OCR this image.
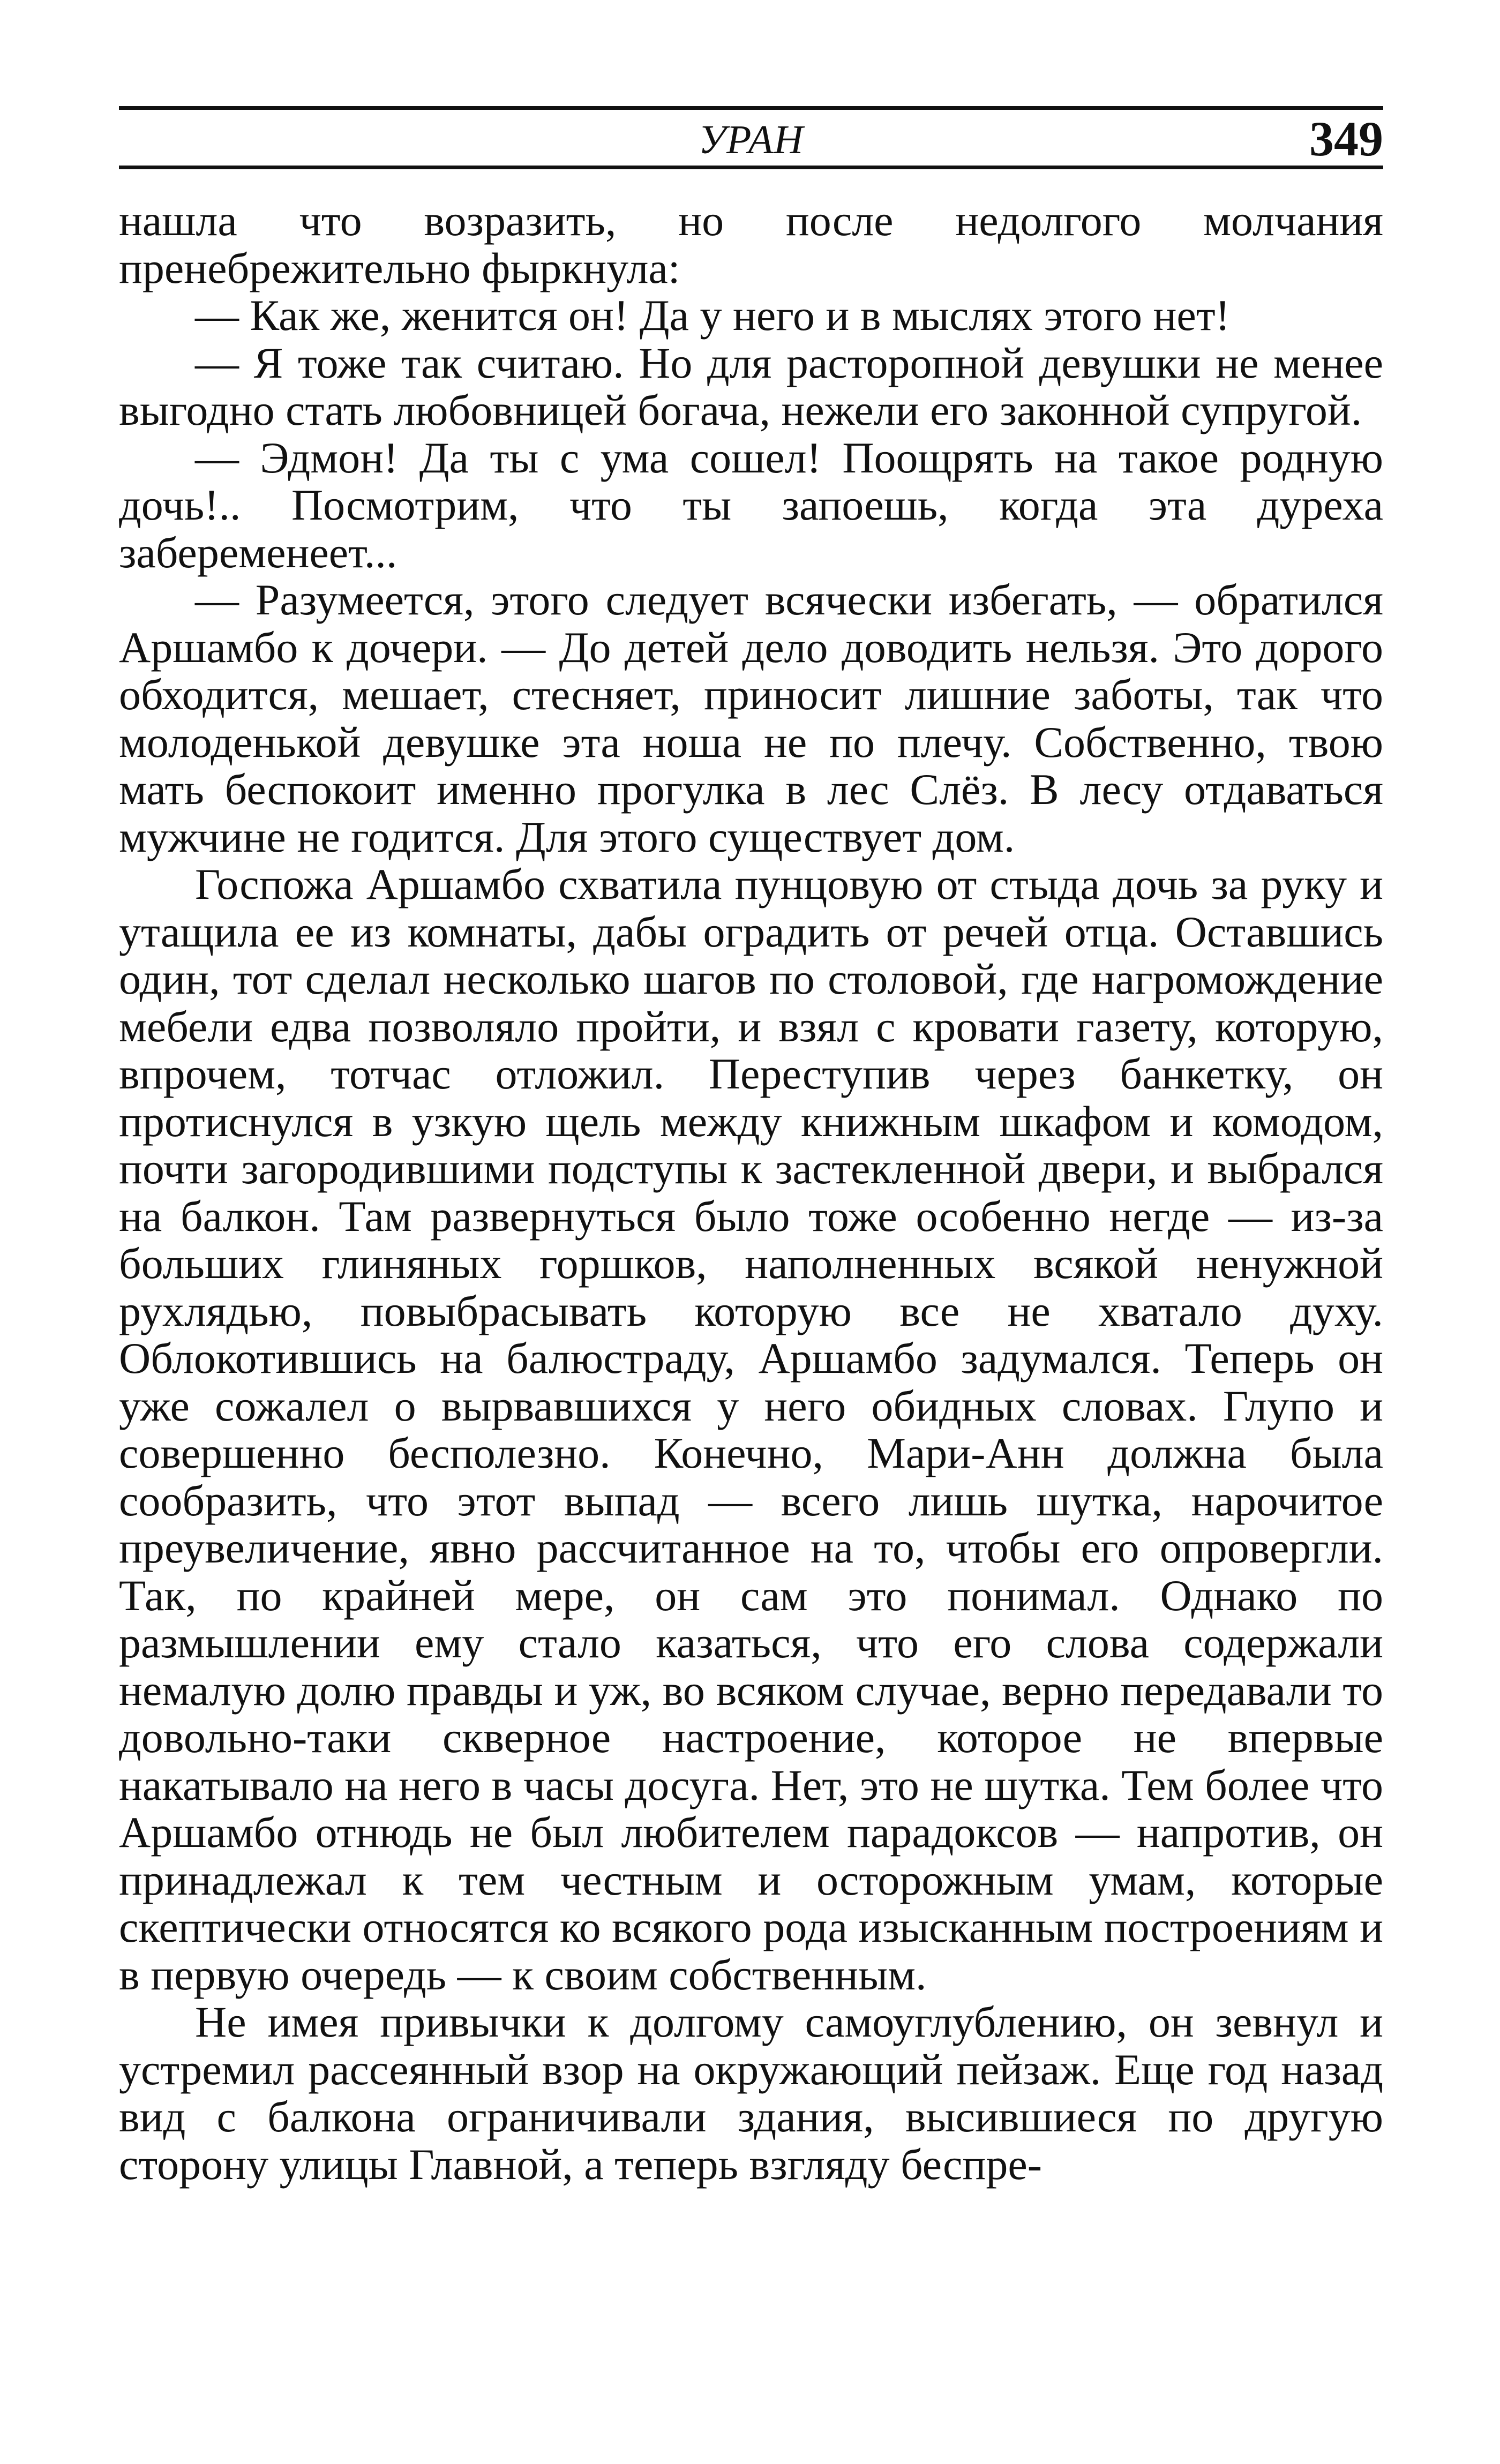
УРАН	349

нашла что возразить, но после недолгого молчания пренебрежительно фыркнула:

— Как же, женится он! Да у него и в мыслях этого нет!

— Я тоже так считаю. Но для расторопной девушки не менее выгодно стать любовницей богача, нежели его законной супругой.

— Эдмон! Да ты с ума сошел! Поощрять на такое родную дочь!.. Посмотрим, что ты запоешь, когда эта дуреха забеременеет...

— Разумеется, этого следует всячески избегать, — обратился Аршамбо к дочери. — До детей дело доводить нельзя. Это дорого обходится, мешает, стесняет, приносит лишние заботы, так что молоденькой девушке эта ноша не по плечу. Собственно, твою мать беспокоит именно прогулка в лес Слёз. В лесу отдаваться мужчине не годится. Для этого существует дом.

Госпожа Аршамбо схватила пунцовую от стыда дочь за руку и утащила ее из комнаты, дабы оградить от речей отца. Оставшись один, тот сделал несколько шагов по столовой, где нагромождение мебели едва позволяло пройти, и взял с кровати газету, которую, впрочем, тотчас отложил. Переступив через банкетку, он протиснулся в узкую щель между книжным шкафом и комодом, почти загородившими подступы к застекленной двери, и выбрался на балкон. Там развернуться было тоже особенно негде — из-за больших глиняных горшков, наполненных всякой ненужной рухлядью, повыбрасывать которую все не хватало духу. Облокотившись на балюстраду, Аршамбо задумался. Теперь он уже сожалел о вырвавшихся у него обидных словах. Глупо и совершенно бесполезно. Конечно, Мари-Анн должна была сообразить, что этот выпад — всего лишь шутка, нарочитое преувеличение, явно рассчитанное на то, чтобы его опровергли. Так, по крайней мере, он сам это понимал. Однако по размышлении ему стало казаться, что его слова содержали немалую долю правды и уж, во всяком случае, верно передавали то довольно-таки скверное настроение, которое не впервые накатывало на него в часы досуга. Нет, это не шутка. Тем более что Аршамбо отнюдь не был любителем парадоксов — напротив, он принадлежал к тем честным и осторожным умам, которые скептически относятся ко всякого рода изысканным построениям и в первую очередь — к своим собственным.

Не имея привычки к долгому самоуглублению, он зевнул и устремил рассеянный взор на окружающий пейзаж. Еще год назад вид с балкона ограничивали здания, высившиеся по другую сторону улицы Главной, а теперь взгляду беспре-
